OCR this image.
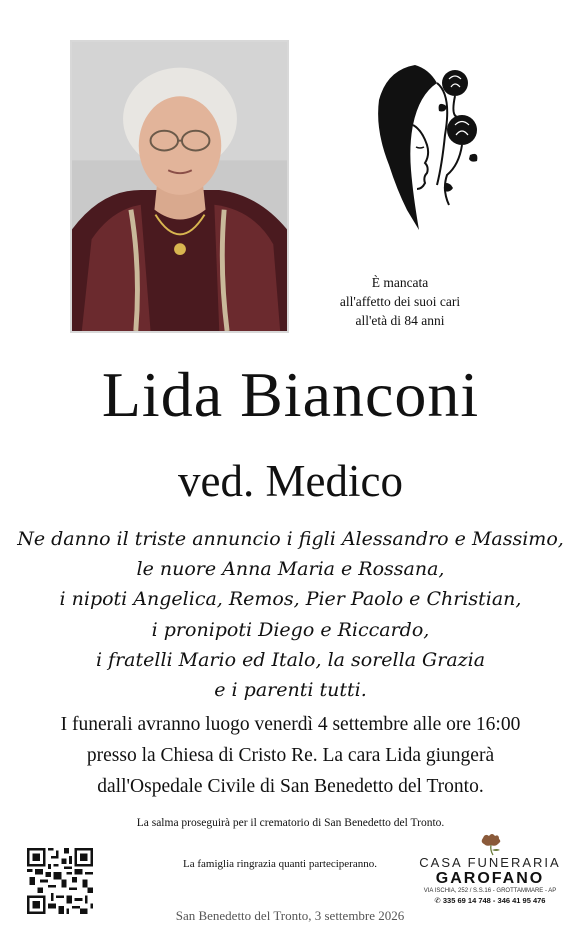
È mancata
all'affetto dei suoi cari
all'età di 84 anni
Lida Bianconi
ved. Medico
Ne danno il triste annuncio i figli Alessandro e Massimo,
le nuore Anna Maria e Rossana,
i nipoti Angelica, Remos, Pier Paolo e Christian,
i pronipoti Diego e Riccardo,
i fratelli Mario ed Italo, la sorella Grazia
e i parenti tutti.
I funerali avranno luogo venerdì 4 settembre alle ore 16:00
presso la Chiesa di Cristo Re. La cara Lida giungerà
dall'Ospedale Civile di San Benedetto del Tronto.
La salma proseguirà per il crematorio di San Benedetto del Tronto.
La famiglia ringrazia quanti parteciperanno.
San Benedetto del Tronto, 3 settembre 2026
CASA FUNERARIA
GAROFANO
VIA ISCHIA, 252 / S.S.16 - GROTTAMMARE - AP
✆ 335 69 14 748 - 346 41 95 476
